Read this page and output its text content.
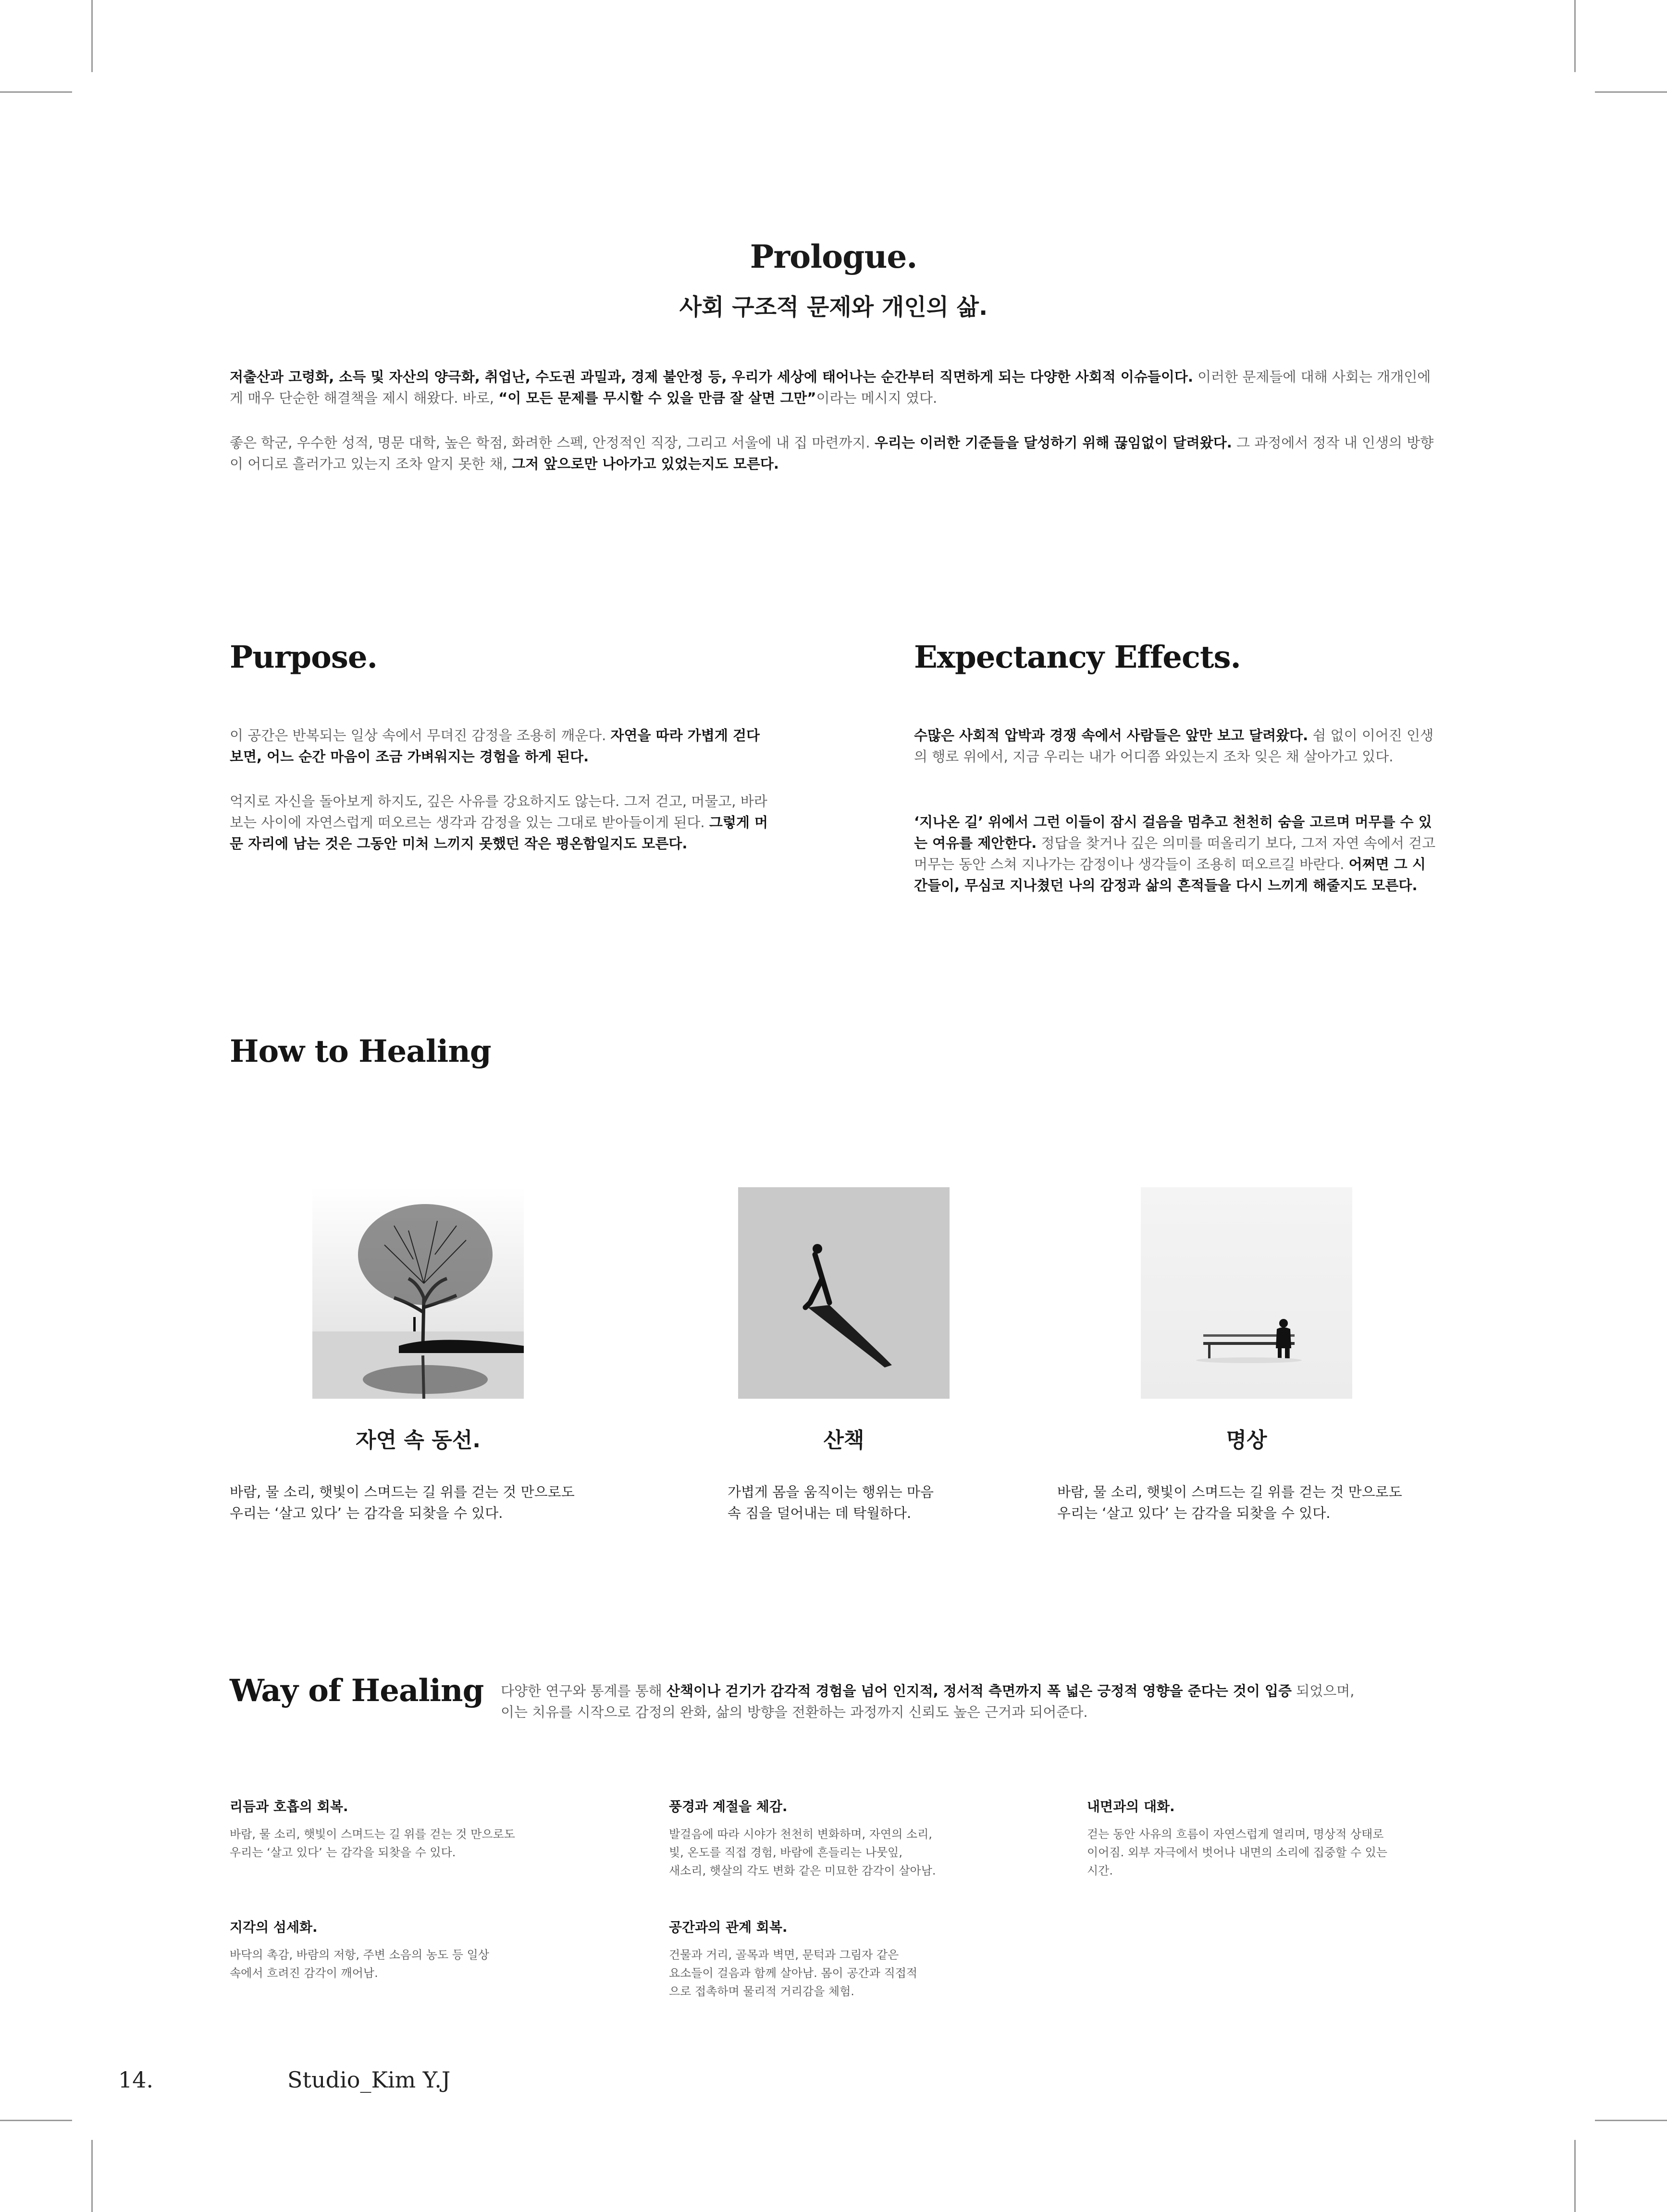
Prologue.
사회 구조적 문제와 개인의 삶.
저출산과 고령화, 소득 및 자산의 양극화, 취업난, 수도권 과밀과, 경제 불안정 등, 우리가 세상에 태어나는 순간부터 직면하게 되는 다양한 사회적 이슈들이다. 이러한 문제들에 대해 사회는 개개인에게 매우 단순한 해결책을 제시 해왔다. 바로, “이 모든 문제를 무시할 수 있을 만큼 잘 살면 그만”이라는 메시지 였다.
좋은 학군, 우수한 성적, 명문 대학, 높은 학점, 화려한 스펙, 안정적인 직장, 그리고 서울에 내 집 마련까지. 우리는 이러한 기준들을 달성하기 위해 끊임없이 달려왔다. 그 과정에서 정작 내 인생의 방향이 어디로 흘러가고 있는지 조차 알지 못한 채, 그저 앞으로만 나아가고 있었는지도 모른다.
Purpose.
이 공간은 반복되는 일상 속에서 무뎌진 감정을 조용히 깨운다. 자연을 따라 가볍게 걷다 보면, 어느 순간 마음이 조금 가벼워지는 경험을 하게 된다.
억지로 자신을 돌아보게 하지도, 깊은 사유를 강요하지도 않는다. 그저 걷고, 머물고, 바라보는 사이에 자연스럽게 떠오르는 생각과 감정을 있는 그대로 받아들이게 된다. 그렇게 머문 자리에 남는 것은 그동안 미처 느끼지 못했던 작은 평온함일지도 모른다.
Expectancy Effects.
수많은 사회적 압박과 경쟁 속에서 사람들은 앞만 보고 달려왔다. 쉼 없이 이어진 인생의 행로 위에서, 지금 우리는 내가 어디쯤 와있는지 조차 잊은 채 살아가고 있다.
‘지나온 길’ 위에서 그런 이들이 잠시 걸음을 멈추고 천천히 숨을 고르며 머무를 수 있는 여유를 제안한다. 정답을 찾거나 깊은 의미를 떠올리기 보다, 그저 자연 속에서 걷고 머무는 동안 스쳐 지나가는 감정이나 생각들이 조용히 떠오르길 바란다. 어쩌면 그 시간들이, 무심코 지나쳤던 나의 감정과 삶의 흔적들을 다시 느끼게 해줄지도 모른다.
How to Healing
자연 속 동선.	산책	명상
바람, 물 소리, 햇빛이 스며드는 길 위를 걷는 것 만으로도
우리는 ‘살고 있다’ 는 감각을 되찾을 수 있다.
가볍게 몸을 움직이는 행위는 마음
속 짐을 덜어내는 데 탁월하다.
바람, 물 소리, 햇빛이 스며드는 길 위를 걷는 것 만으로도
우리는 ‘살고 있다’ 는 감각을 되찾을 수 있다.
Way of Healing 다양한 연구와 통계를 통해 산책이나 걷기가 감각적 경험을 넘어 인지적, 정서적 측면까지 폭 넓은 긍정적 영향을 준다는 것이 입증 되었으며,
이는 치유를 시작으로 감정의 완화, 삶의 방향을 전환하는 과정까지 신뢰도 높은 근거과 되어준다.
리듬과 호흡의 회복.
바람, 물 소리, 햇빛이 스며드는 길 위를 걷는 것 만으로도
우리는 ‘살고 있다’ 는 감각을 되찾을 수 있다.
풍경과 계절을 체감.
발걸음에 따라 시야가 천천히 변화하며, 자연의 소리,
빛, 온도를 직접 경험, 바람에 흔들리는 나뭇잎,
새소리, 햇살의 각도 변화 같은 미묘한 감각이 살아남.
내면과의 대화.
걷는 동안 사유의 흐름이 자연스럽게 열리며, 명상적 상태로
이어짐. 외부 자극에서 벗어나 내면의 소리에 집중할 수 있는
시간.
지각의 섬세화.
바닥의 촉감, 바람의 저항, 주변 소음의 농도 등 일상
속에서 흐려진 감각이 깨어남.
공간과의 관계 회복.
건물과 거리, 골목과 벽면, 문턱과 그림자 같은
요소들이 걸음과 함께 살아남. 몸이 공간과 직접적
으로 접촉하며 물리적 거리감을 체험.
14.	Studio_Kim Y.J
